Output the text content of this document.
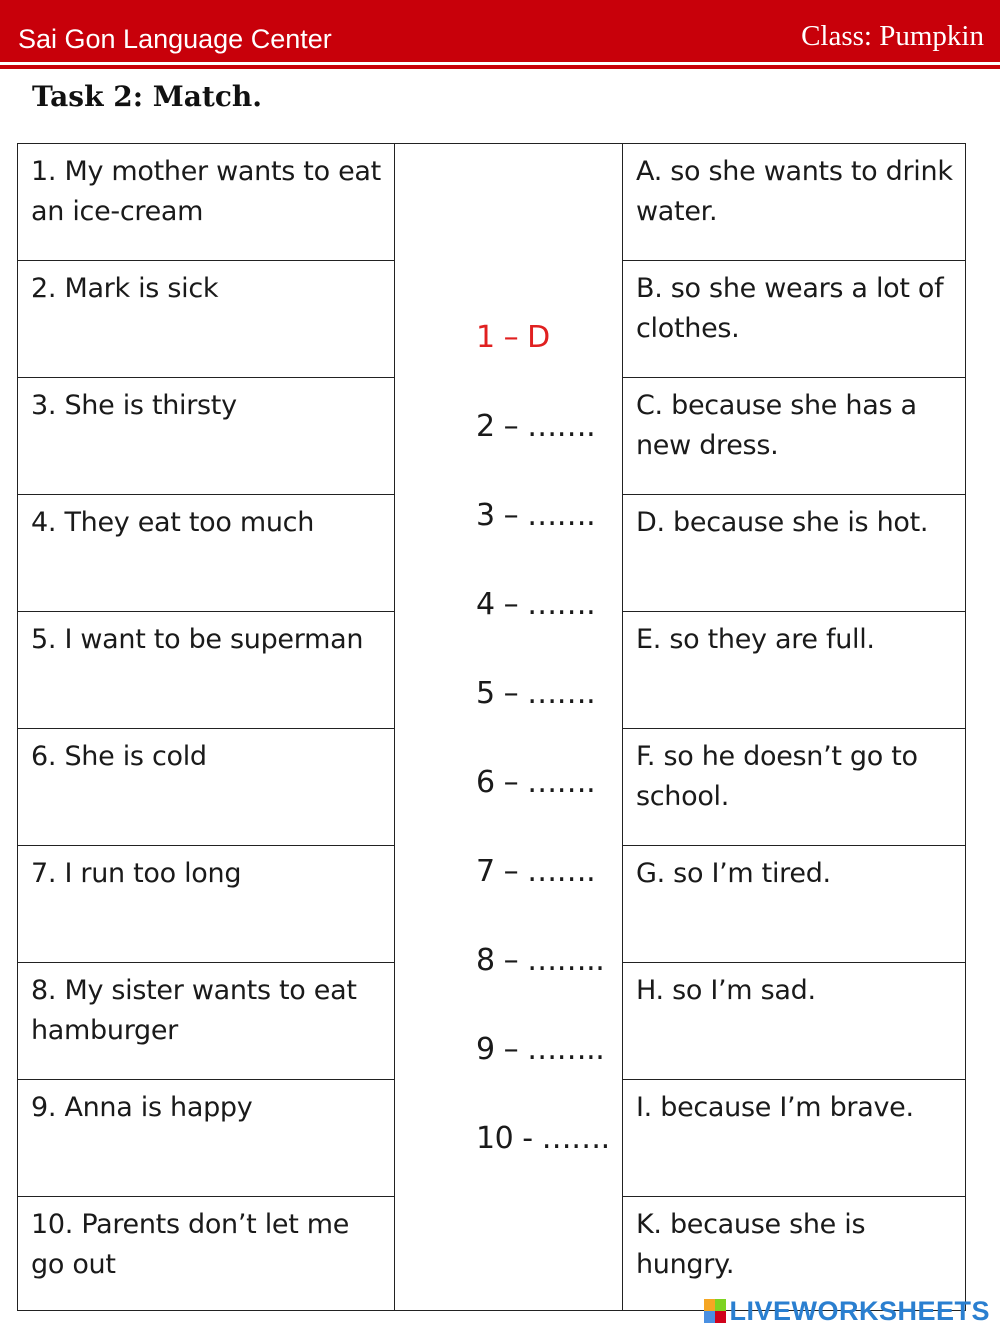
Sai Gon Language Center	Class: Pumpkin
Task 2: Match.
1. My mother wants to eat an ice-cream
2. Mark is sick
3. She is thirsty
4. They eat too much
5. I want to be superman
6. She is cold
7. I run too long
8. My sister wants to eat hamburger
9. Anna is happy
10. Parents don’t let me go out
1 – D
2 – …….
3 – …….
4 – …….
5 – …….
6 – …….
7 – …….
8 – ……..
9 – ……..
10 - …….
A. so she wants to drink water.
B. so she wears a lot of clothes.
C. because she has a new dress.
D. because she is hot.
E. so they are full.
F. so he doesn’t go to school.
G. so I’m tired.
H. so I’m sad.
I. because I’m brave.
K. because she is hungry.
LIVEWORKSHEETS
